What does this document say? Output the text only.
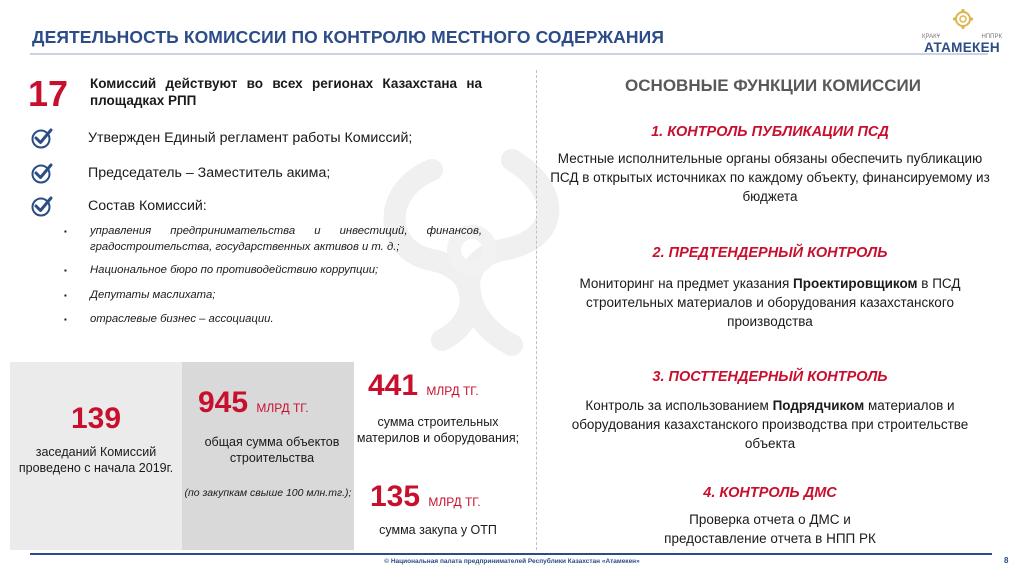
ДЕЯТЕЛЬНОСТЬ КОМИССИИ ПО КОНТРОЛЮ МЕСТНОГО СОДЕРЖАНИЯ	ҚРАКҰ	НППРК
АТАМЕКЕН
17 Комиссий действуют во всех регионах Казахстана на площадках РПП
Утвержден Единый регламент работы Комиссий;
Председатель – Заместитель акима;
Состав Комиссий:
▪	управления предпринимательства и инвестиций, финансов, градостроительства, государственных активов и т. д.;
▪	Национальное бюро по противодействию коррупции;
▪	Депутаты маслихата;
▪	отраслевые бизнес – ассоциации.
139
заседаний Комиссий проведено с начала 2019г.
945 МЛРД ТГ.
общая сумма объектов строительства
(по закупкам свыше 100 млн.тг.);
441 МЛРД ТГ.
сумма строительных материлов и оборудования;
135 МЛРД ТГ.
сумма закупа у ОТП
ОСНОВНЫЕ ФУНКЦИИ КОМИССИИ
1. КОНТРОЛЬ ПУБЛИКАЦИИ ПСД
Местные исполнительные органы обязаны обеспечить публикацию ПСД в открытых источниках по каждому объекту, финансируемому из бюджета
2. ПРЕДТЕНДЕРНЫЙ КОНТРОЛЬ
Мониторинг на предмет указания Проектировщиком в ПСД строительных материалов и оборудования казахстанского производства
3. ПОСТТЕНДЕРНЫЙ КОНТРОЛЬ
Контроль за использованием Подрядчиком материалов и оборудования казахстанского производства при строительстве объекта
4. КОНТРОЛЬ ДМС
Проверка отчета о ДМС и предоставление отчета в НПП РК
© Национальная палата предпринимателей Республики Казахстан «Атамекен»	8
